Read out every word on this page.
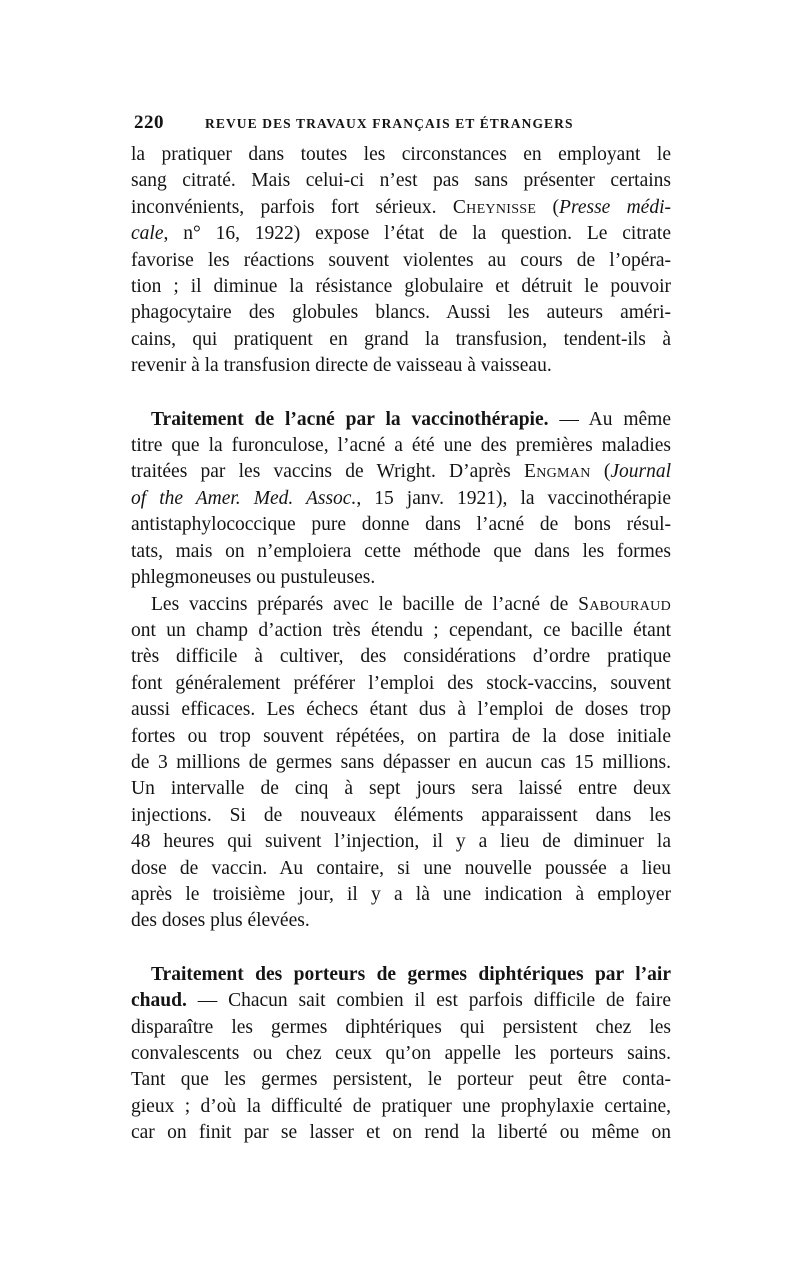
220	REVUE DES TRAVAUX FRANÇAIS ET ÉTRANGERS

la pratiquer dans toutes les circonstances en employant le
sang citraté. Mais celui-ci n’est pas sans présenter certains
inconvénients, parfois fort sérieux. Cheynisse (Presse médi-
cale, n° 16, 1922) expose l’état de la question. Le citrate
favorise les réactions souvent violentes au cours de l’opéra-
tion ; il diminue la résistance globulaire et détruit le pouvoir
phagocytaire des globules blancs. Aussi les auteurs améri-
cains, qui pratiquent en grand la transfusion, tendent-ils à
revenir à la transfusion directe de vaisseau à vaisseau.

Traitement de l’acné par la vaccinothérapie. — Au même

titre que la furonculose, l’acné a été une des premières maladies
traitées par les vaccins de Wright. D’après Engman (Journal
of the Amer. Med. Assoc., 15 janv. 1921), la vaccinothérapie
antistaphylococcique pure donne dans l’acné de bons résul-
tats, mais on n’emploiera cette méthode que dans les formes
phlegmoneuses ou pustuleuses.

Les vaccins préparés avec le bacille de l’acné de Sabouraud
ont un champ d’action très étendu ; cependant, ce bacille étant
très difficile à cultiver, des considérations d’ordre pratique
font généralement préférer l’emploi des stock-vaccins, souvent
aussi efficaces. Les échecs étant dus à l’emploi de doses trop
fortes ou trop souvent répétées, on partira de la dose initiale
de 3 millions de germes sans dépasser en aucun cas 15 millions.
Un intervalle de cinq à sept jours sera laissé entre deux
injections. Si de nouveaux éléments apparaissent dans les
48 heures qui suivent l’injection, il y a lieu de diminuer la
dose de vaccin. Au contaire, si une nouvelle poussée a lieu
après le troisième jour, il y a là une indication à employer
des doses plus élevées.

Traitement des porteurs de germes diphtériques par l’air
chaud. — Chacun sait combien il est parfois difficile de faire
disparaître les germes diphtériques qui persistent chez les
convalescents ou chez ceux qu’on appelle les porteurs sains.
Tant que les germes persistent, le porteur peut être conta-
gieux ; d’où la difficulté de pratiquer une prophylaxie certaine,
car on finit par se lasser et on rend la liberté ou même on
